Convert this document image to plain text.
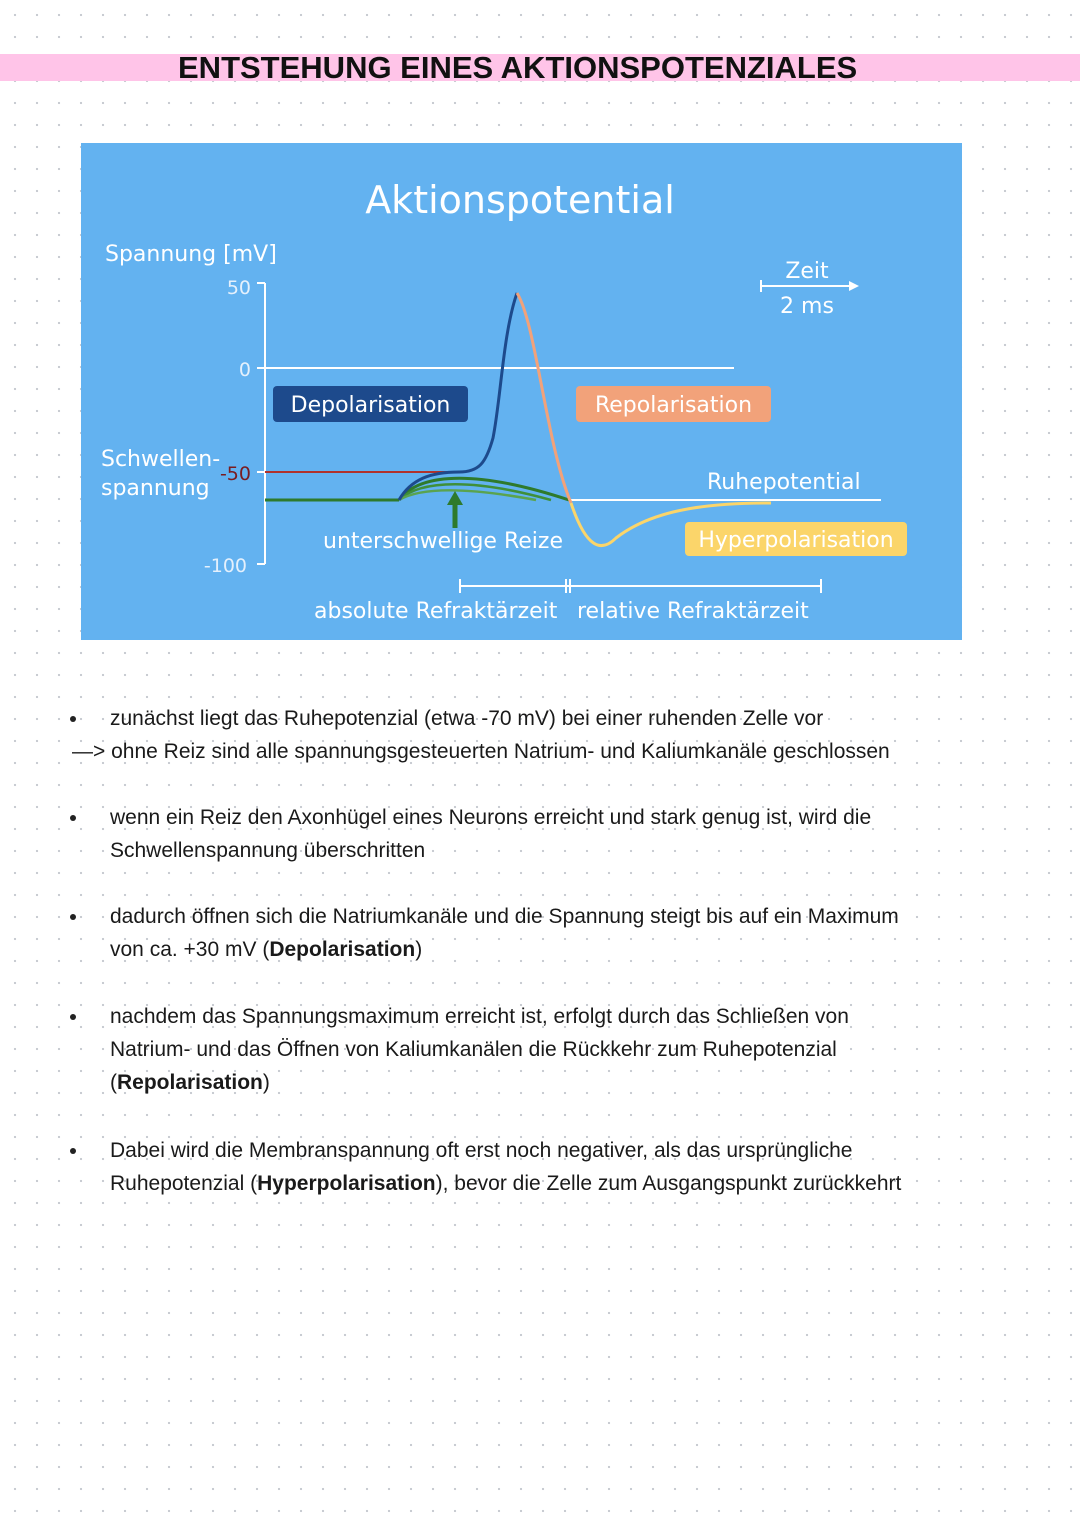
ENTSTEHUNG EINES AKTIONSPOTENZIALES
Aktionspotential
Spannung [mV]
50
0
-50
-100
Schwellen-
spannung
Zeit
2 ms
Depolarisation	Repolarisation
Ruhepotential
Hyperpolarisation
unterschwellige Reize
absolute Refraktärzeit relative Refraktärzeit
zunächst liegt das Ruhepotenzial (etwa -70 mV) bei einer ruhenden Zelle vor
—> ohne Reiz sind alle spannungsgesteuerten Natrium- und Kaliumkanäle geschlossen
wenn ein Reiz den Axonhügel eines Neurons erreicht und stark genug ist, wird die
Schwellenspannung überschritten
dadurch öffnen sich die Natriumkanäle und die Spannung steigt bis auf ein Maximum
von ca. +30 mV (Depolarisation)
nachdem das Spannungsmaximum erreicht ist, erfolgt durch das Schließen von
Natrium- und das Öffnen von Kaliumkanälen die Rückkehr zum Ruhepotenzial
(Repolarisation)
Dabei wird die Membranspannung oft erst noch negativer, als das ursprüngliche
Ruhepotenzial (Hyperpolarisation), bevor die Zelle zum Ausgangspunkt zurückkehrt
